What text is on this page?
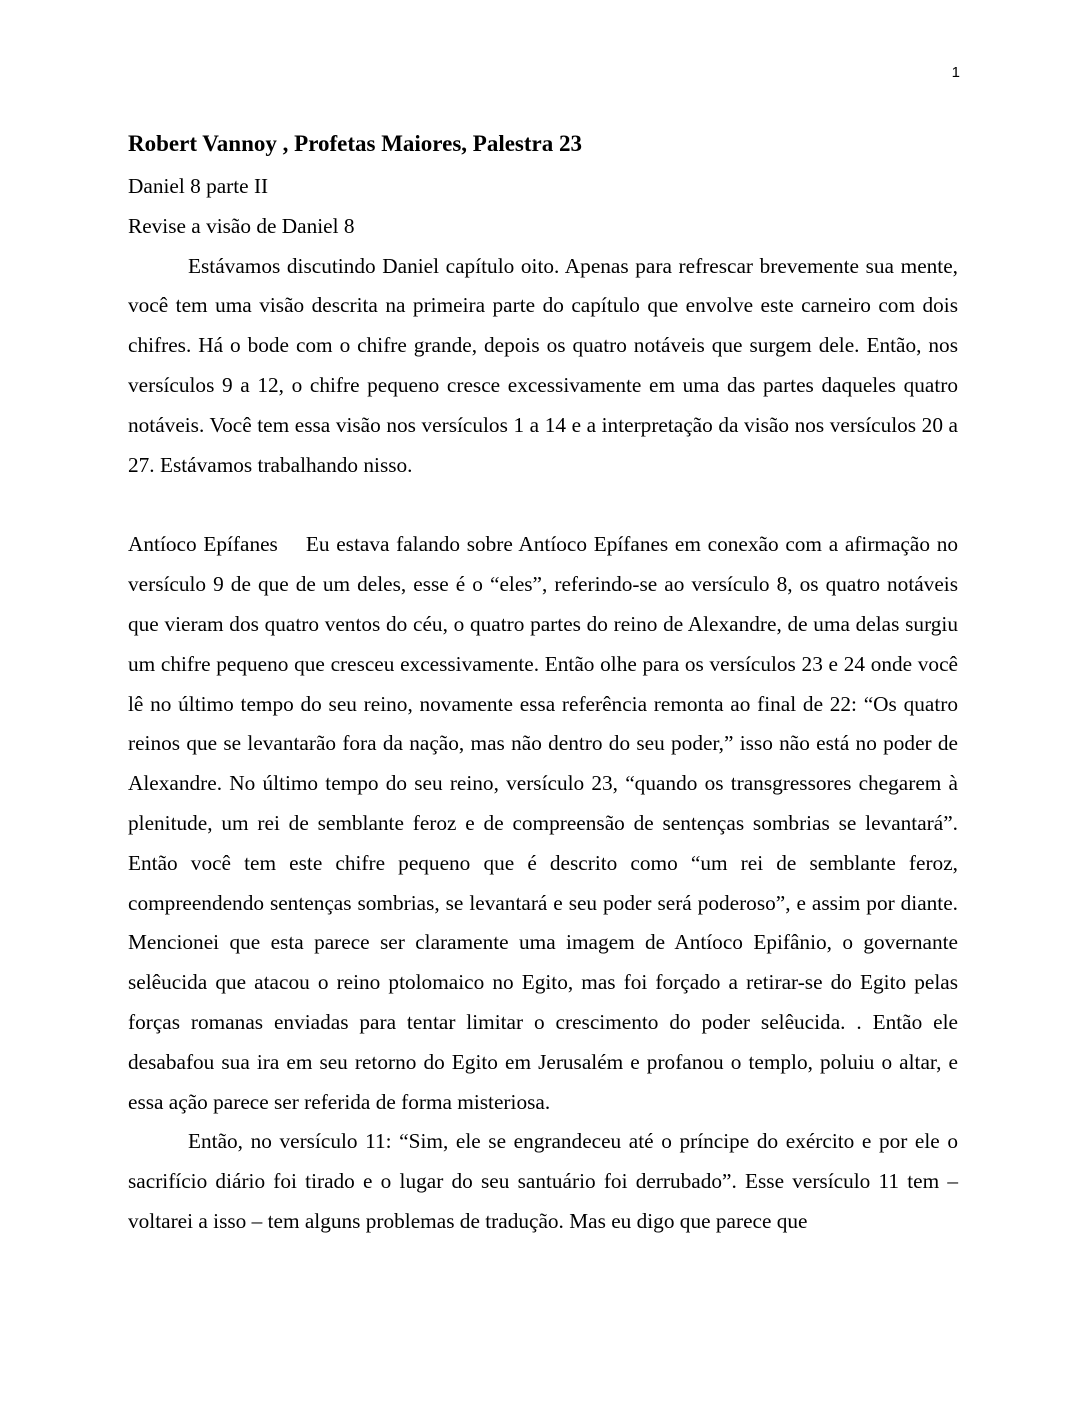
1
Robert Vannoy , Profetas Maiores, Palestra 23
Daniel 8 parte II
Revise a visão de Daniel 8

Estávamos discutindo Daniel capítulo oito. Apenas para refrescar brevemente sua mente, você tem uma visão descrita na primeira parte do capítulo que envolve este carneiro com dois chifres. Há o bode com o chifre grande, depois os quatro notáveis que surgem dele. Então, nos versículos 9 a 12, o chifre pequeno cresce excessivamente em uma das partes daqueles quatro notáveis. Você tem essa visão nos versículos 1 a 14 e a interpretação da visão nos versículos 20 a 27. Estávamos trabalhando nisso.

Antíoco Epífanes Eu estava falando sobre Antíoco Epífanes em conexão com a afirmação no versículo 9 de que de um deles, esse é o “eles”, referindo-se ao versículo 8, os quatro notáveis que vieram dos quatro ventos do céu, o quatro partes do reino de Alexandre, de uma delas surgiu um chifre pequeno que cresceu excessivamente. Então olhe para os versículos 23 e 24 onde você lê no último tempo do seu reino, novamente essa referência remonta ao final de 22: “Os quatro reinos que se levantarão fora da nação, mas não dentro do seu poder,” isso não está no poder de Alexandre. No último tempo do seu reino, versículo 23, “quando os transgressores chegarem à plenitude, um rei de semblante feroz e de compreensão de sentenças sombrias se levantará”. Então você tem este chifre pequeno que é descrito como “um rei de semblante feroz, compreendendo sentenças sombrias, se levantará e seu poder será poderoso”, e assim por diante. Mencionei que esta parece ser claramente uma imagem de Antíoco Epifânio, o governante selêucida que atacou o reino ptolomaico no Egito, mas foi forçado a retirar-se do Egito pelas forças romanas enviadas para tentar limitar o crescimento do poder selêucida. . Então ele desabafou sua ira em seu retorno do Egito em Jerusalém e profanou o templo, poluiu o altar, e essa ação parece ser referida de forma misteriosa.

Então, no versículo 11: “Sim, ele se engrandeceu até o príncipe do exército e por ele o sacrifício diário foi tirado e o lugar do seu santuário foi derrubado”. Esse versículo 11 tem – voltarei a isso – tem alguns problemas de tradução. Mas eu digo que parece que
